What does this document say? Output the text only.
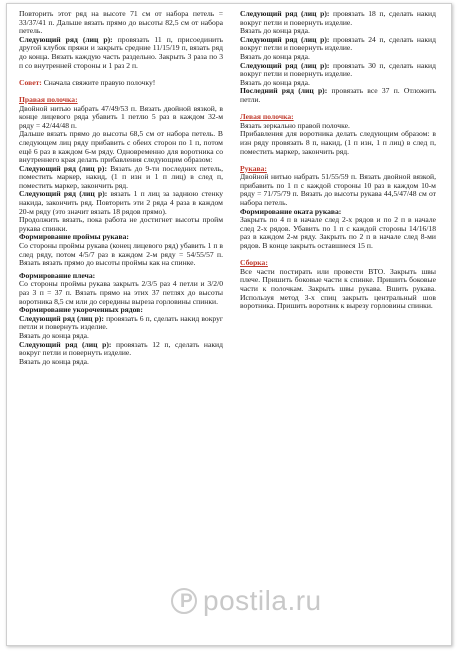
Повторить этот ряд на высоте 71 см от набора петель = 33/37/41 п. Дальше вязать прямо до высоты 82,5 см от набора петель.

Следующий ряд (лиц р): провязать 11 п, присоединить другой клубок пряжи и закрыть средние 11/15/19 п, вязать ряд до конца. Вязать каждую часть раздельно. Закрыть 3 раза по 3 п со внутренней стороны и 1 раз 2 п.

Совет: Сначала свяжите правую полочку!

Правая полочка:

Двойной нитью набрать 47/49/53 п. Вязать двойной вязкой, в конце лицевого ряда убавить 1 петлю 5 раз в каждом 32-м ряду = 42/44/48 п.

Дальше вязать прямо до высоты 68,5 см от набора петель. В следующем лиц ряду прибавить с обеих сторон по 1 п, потом ещё 6 раз в каждом 6-м ряду. Одновременно для воротника со внутреннего края делать прибавления следующим образом:

Следующий ряд (лиц р): Вязать до 9-ти последних петель, поместить маркер, накид, (1 п изн и 1 п лиц) в след п, поместить маркер, закончить ряд.

Следующий ряд (лиц р): вязать 1 п лиц за заднюю стенку накида, закончить ряд. Повторить эти 2 ряда 4 раза в каждом 20-м ряду (это значит вязать 18 рядов прямо).

Продолжить вязать, пока работа не достигнет высоты пройм рукава спинки.

Формирование проймы рукава:

Со стороны проймы рукава (конец лицевого ряд) убавить 1 п в след ряду, потом 4/5/7 раз в каждом 2-м ряду = 54/55/57 п. Вязать вязать прямо до высоты проймы как на спинке.

Формирование плеча:

Со стороны проймы рукава закрыть 2/3/5 раз 4 петли и 3/2/0 раз 3 п = 37 п. Вязать прямо на этих 37 петлях до высоты воротника 8,5 см или до середины выреза горловины спинки.

Формирование укороченных рядов:

Следующий ряд (лиц р): провязать 6 п, сделать накид вокруг петли и повернуть изделие.

Вязать до конца ряда.

Следующий ряд (лиц р): провязать 12 п, сделать накид вокруг петли и повернуть изделие.

Вязать до конца ряда.

Следующий ряд (лиц р): провязать 18 п, сделать накид вокруг петли и повернуть изделие.

Вязать до конца ряда.

Следующий ряд (лиц р): провязать 24 п, сделать накид вокруг петли и повернуть изделие.

Вязать до конца ряда.

Следующий ряд (лиц р): провязать 30 п, сделать накид вокруг петли и повернуть изделие.

Вязать до конца ряда.

Последний ряд (лиц р): провязать все 37 п. Отложить петли.

Левая полочка:

Вязать зеркально правой полочке.

Прибавления для воротника делать следующим образом: в изн ряду провязать 8 п, накид, (1 п изн, 1 п лиц) в след п, поместить маркер, закончить ряд.

Рукава:

Двойной нитью набрать 51/55/59 п. Вязать двойной вязкой, прибавить по 1 п с каждой стороны 10 раз в каждом 10-м ряду = 71/75/79 п. Вязать до высоты рукава 44,5/47/48 см от набора петель.

Формирование оката рукава:

Закрыть по 4 п в начале след 2-х рядов и по 2 п в начале след 2-х рядов. Убавить по 1 п с каждой стороны 14/16/18 раз в каждом 2-м ряду. Закрыть по 2 п в начале след 8-ми рядов. В конце закрыть оставшиеся 15 п.

Сборка:

Все части постирать или провести ВТО. Закрыть швы плече. Пришить боковые части к спинке. Пришить боковые части к полочкам. Закрыть швы рукава. Вшить рукава. Используя метод 3-х спиц закрыть центральный шов воротника. Пришить воротник к вырезу горловины спинки.

P postila.ru
